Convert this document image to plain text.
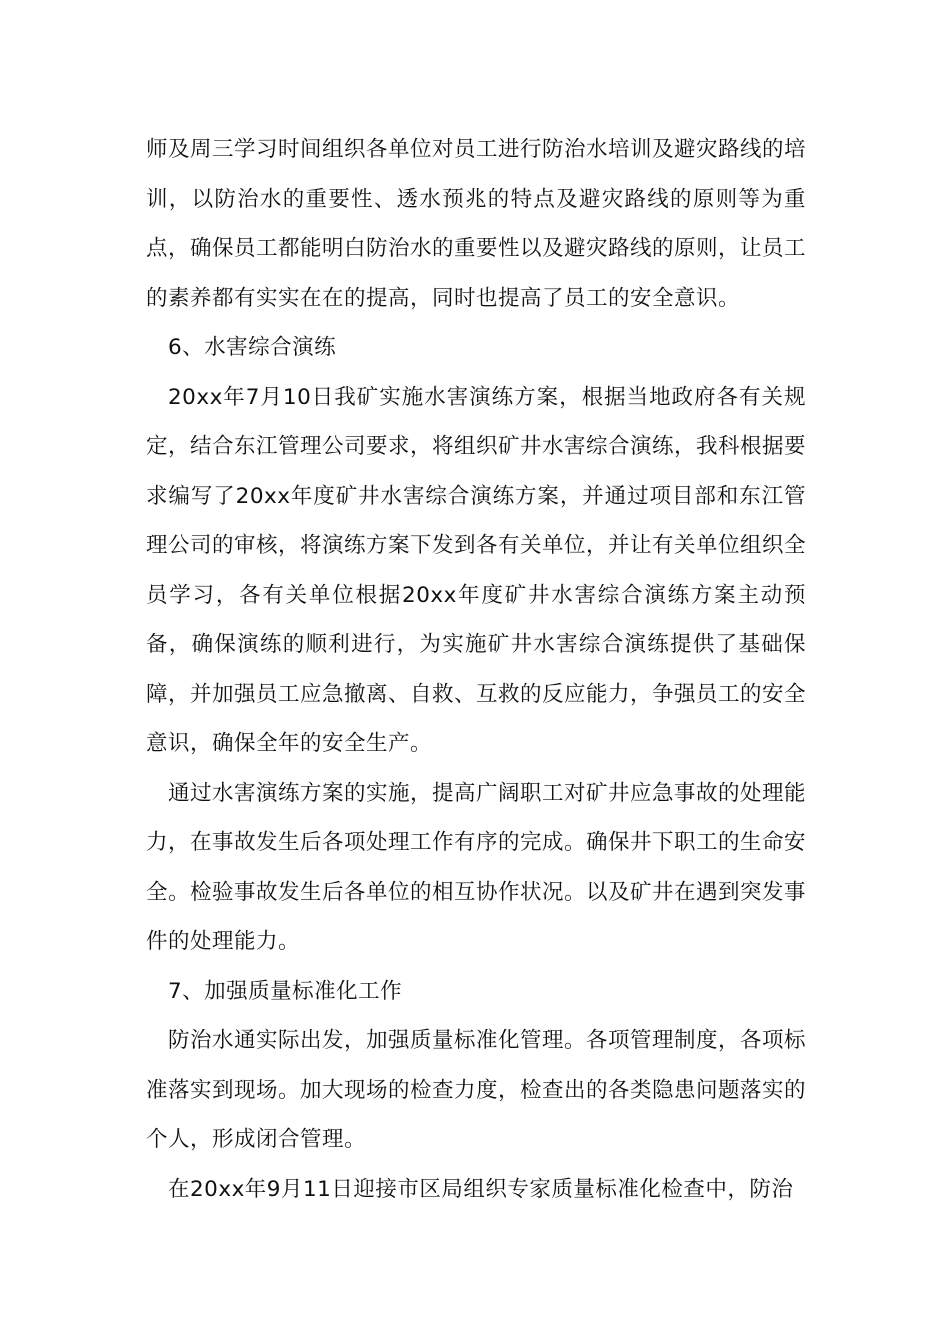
师及周三学习时间组织各单位对员工进行防治水培训及避灾路线的培训，以防治水的重要性、透水预兆的特点及避灾路线的原则等为重点，确保员工都能明白防治水的重要性以及避灾路线的原则，让员工的素养都有实实在在的提高，同时也提高了员工的安全意识。

6、水害综合演练

20xx年7月10日我矿实施水害演练方案，根据当地政府各有关规定，结合东江管理公司要求，将组织矿井水害综合演练，我科根据要求编写了20xx年度矿井水害综合演练方案，并通过项目部和东江管理公司的审核，将演练方案下发到各有关单位，并让有关单位组织全员学习，各有关单位根据20xx年度矿井水害综合演练方案主动预备，确保演练的顺利进行，为实施矿井水害综合演练提供了基础保障，并加强员工应急撤离、自救、互救的反应能力，争强员工的安全意识，确保全年的安全生产。

通过水害演练方案的实施，提高广阔职工对矿井应急事故的处理能力，在事故发生后各项处理工作有序的完成。确保井下职工的生命安全。检验事故发生后各单位的相互协作状况。以及矿井在遇到突发事件的处理能力。

7、加强质量标准化工作

防治水通实际出发，加强质量标准化管理。各项管理制度，各项标准落实到现场。加大现场的检查力度，检查出的各类隐患问题落实的个人，形成闭合管理。

在20xx年9月11日迎接市区局组织专家质量标准化检查中，防治
